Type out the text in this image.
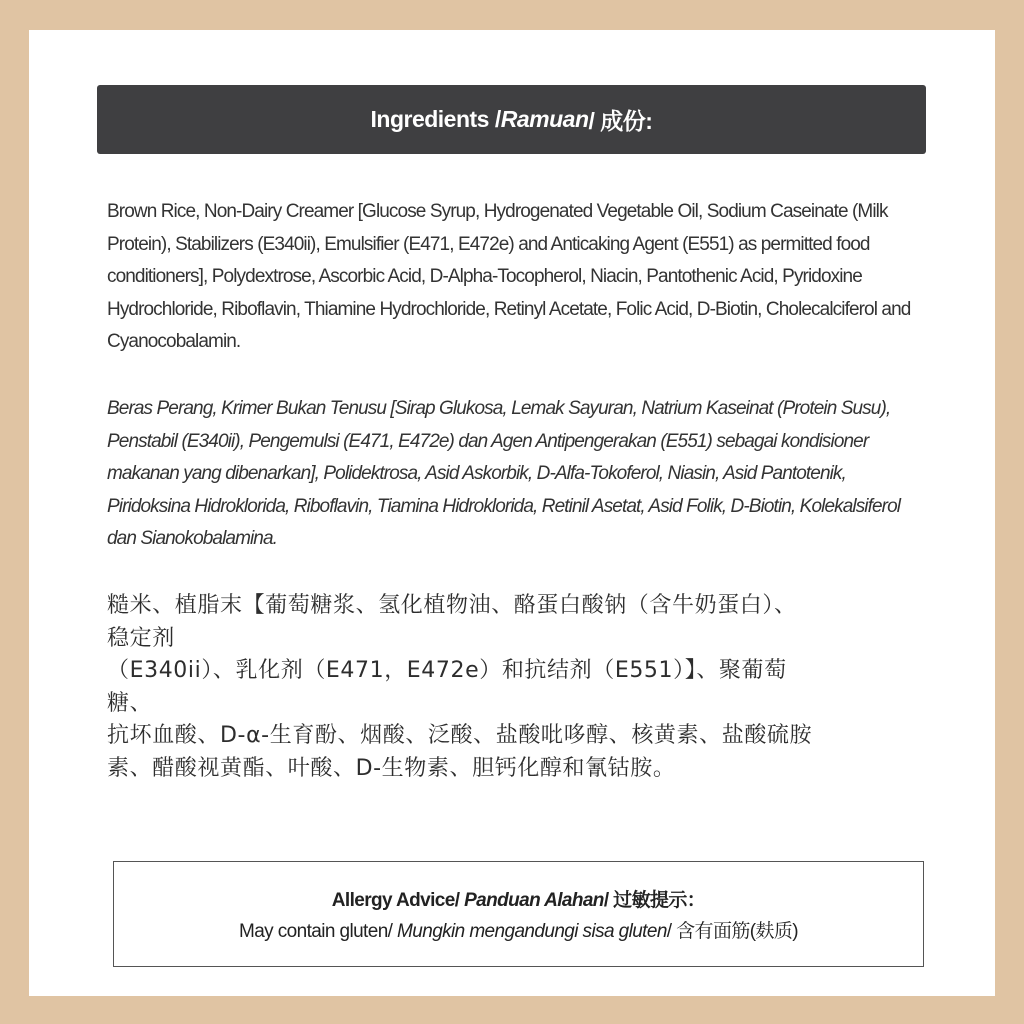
Ingredients / Ramuan / 成份:

Brown Rice, Non-Dairy Creamer [Glucose Syrup, Hydrogenated Vegetable Oil, Sodium Caseinate (Milk Protein), Stabilizers (E340ii), Emulsifier (E471, E472e) and Anticaking Agent (E551) as permitted food conditioners], Polydextrose, Ascorbic Acid, D-Alpha-Tocopherol, Niacin, Pantothenic Acid, Pyridoxine Hydrochloride, Riboflavin, Thiamine Hydrochloride, Retinyl Acetate, Folic Acid, D-Biotin, Cholecalciferol and Cyanocobalamin.

Beras Perang, Krimer Bukan Tenusu [Sirap Glukosa, Lemak Sayuran, Natrium Kaseinat (Protein Susu), Penstabil (E340ii), Pengemulsi (E471, E472e) dan Agen Antipengerakan (E551) sebagai kondisioner makanan yang dibenarkan], Polidektrosa, Asid Askorbik, D-Alfa-Tokoferol, Niasin, Asid Pantotenik, Piridoksina Hidroklorida, Riboflavin, Tiamina Hidroklorida, Retinil Asetat, Asid Folik, D-Biotin, Kolekalsiferol dan Sianokobalamina.

糙米、植脂末【葡萄糖浆、氢化植物油、酪蛋白酸钠（含牛奶蛋白）、
稳定剂
（E340ii）、乳化剂（E471，E472e）和抗结剂（E551）】、聚葡萄
糖、
抗坏血酸、D-α-生育酚、烟酸、泛酸、盐酸吡哆醇、核黄素、盐酸硫胺
素、醋酸视黄酯、叶酸、D-生物素、胆钙化醇和氰钴胺。
Allergy Advice/ Panduan Alahan/ 过敏提示：
May contain gluten/ Mungkin mengandungi sisa gluten/ 含有面筋(麸质)
